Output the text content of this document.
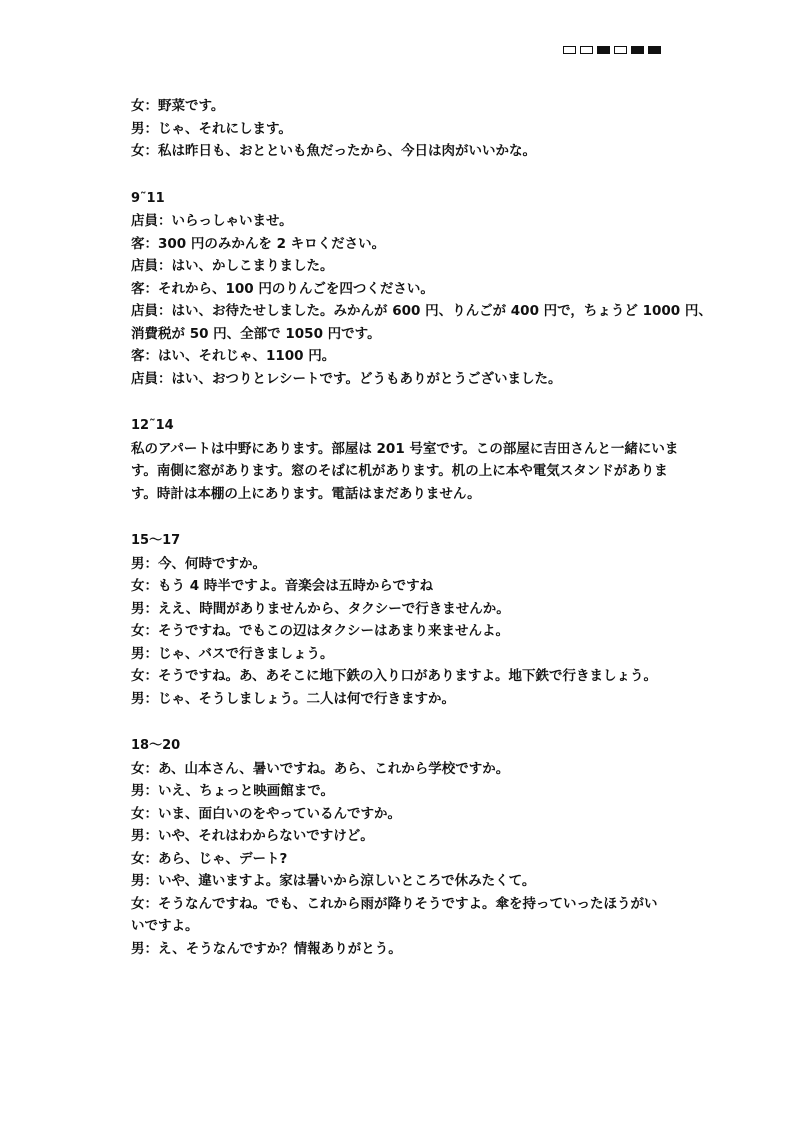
女：野菜です。
男：じゃ、それにします。
女：私は昨日も、おとといも魚だったから、今日は肉がいいかな。
9˜11
店員：いらっしゃいませ。
客：300 円のみかんを 2 キロください。
店員：はい、かしこまりました。
客：それから、100 円のりんごを四つください。
店員：はい、お待たせしました。みかんが 600 円、りんごが 400 円で，ちょうど 1000 円、
消費税が 50 円、全部で 1050 円です。
客：はい、それじゃ、1100 円。
店員：はい、おつりとレシートです。どうもありがとうございました。
12˜14
私のアパートは中野にあります。部屋は 201 号室です。この部屋に吉田さんと一緒にいます。南側に窓があります。窓のそばに机があります。机の上に本や電気スタンドがあります。時計は本棚の上にあります。電話はまだありません。
15～17
男：今、何時ですか。
女：もう 4 時半ですよ。音楽会は五時からですね
男：ええ、時間がありませんから、タクシーで行きませんか。
女：そうですね。でもこの辺はタクシーはあまり来ませんよ。
男：じゃ、バスで行きましょう。
女：そうですね。あ、あそこに地下鉄の入り口がありますよ。地下鉄で行きましょう。
男：じゃ、そうしましょう。二人は何で行きますか。
18～20
女：あ、山本さん、暑いですね。あら、これから学校ですか。
男：いえ、ちょっと映画館まで。
女：いま、面白いのをやっているんですか。
男：いや、それはわからないですけど。
女：あら、じゃ、デート?
男：いや、違いますよ。家は暑いから涼しいところで休みたくて。
女：そうなんですね。でも、これから雨が降りそうですよ。傘を持っていったほうがい
いですよ。
男：え、そうなんですか？情報ありがとう。
